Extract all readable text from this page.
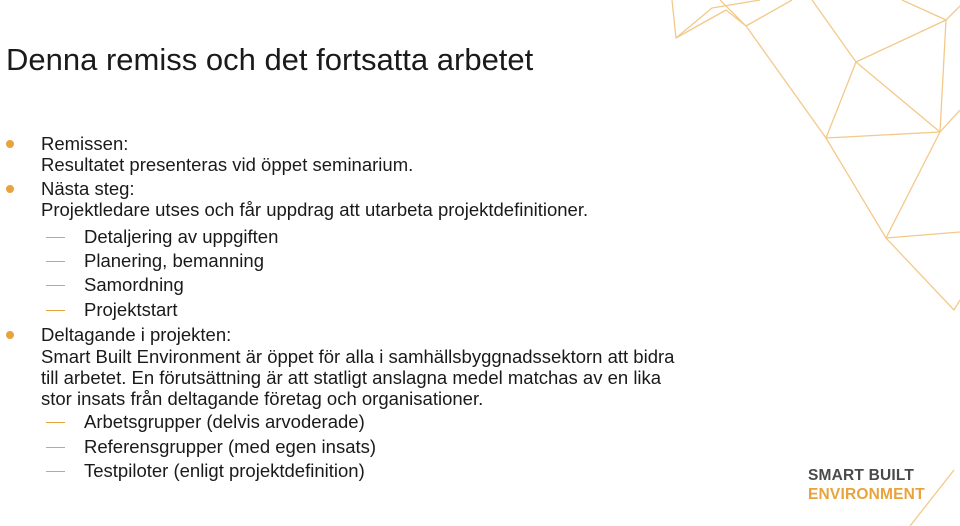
Denna remiss och det fortsatta arbetet
Remissen:
Resultatet presenteras vid öppet seminarium.
Nästa steg:
Projektledare utses och får uppdrag att utarbeta projektdefinitioner.
Detaljering av uppgiften
Planering, bemanning
Samordning
Projektstart
Deltagande i projekten:
Smart Built Environment är öppet för alla i samhällsbyggnadssektorn att bidra
till arbetet. En förutsättning är att statligt anslagna medel matchas av en lika
stor insats från deltagande företag och organisationer.
Arbetsgrupper (delvis arvoderade)
Referensgrupper (med egen insats)
Testpiloter (enligt projektdefinition)	SMART BUILT
ENVIRONMENT
